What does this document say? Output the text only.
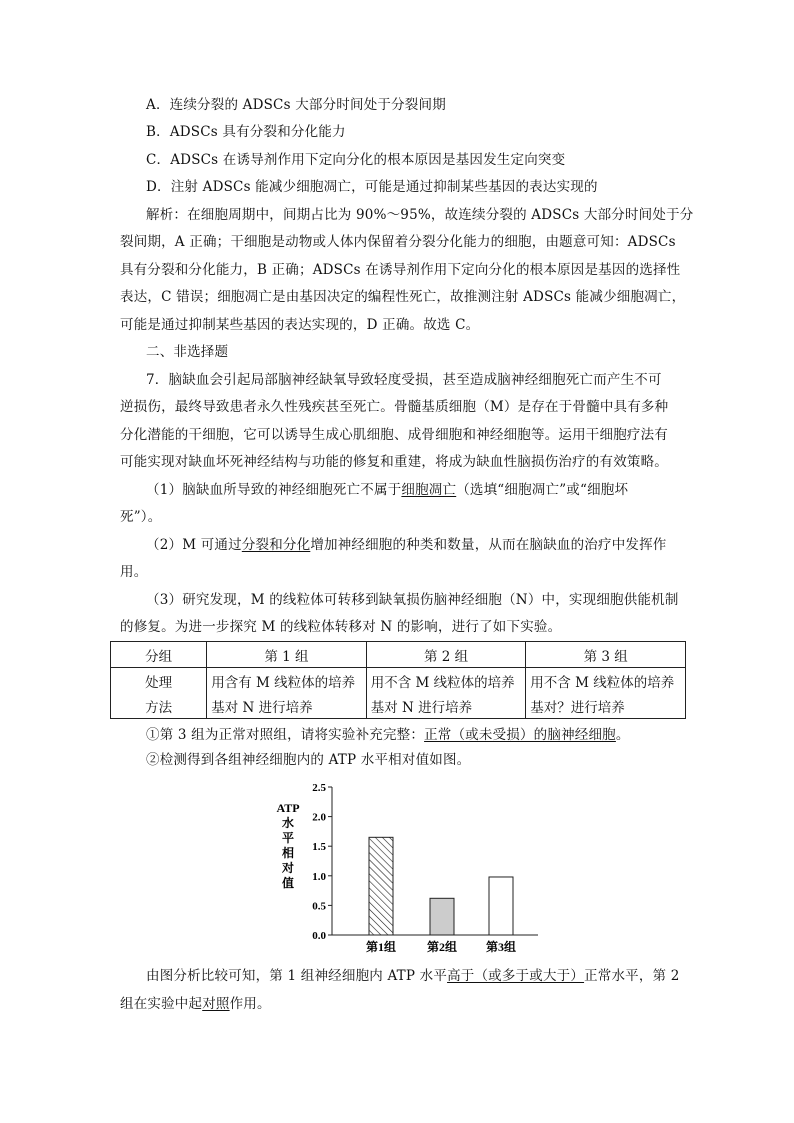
A．连续分裂的 ADSCs 大部分时间处于分裂间期
B．ADSCs 具有分裂和分化能力
C．ADSCs 在诱导剂作用下定向分化的根本原因是基因发生定向突变
D．注射 ADSCs 能减少细胞凋亡，可能是通过抑制某些基因的表达实现的
解析：在细胞周期中，间期占比为 90%～95%，故连续分裂的 ADSCs 大部分时间处于分
裂间期，A 正确；干细胞是动物或人体内保留着分裂分化能力的细胞，由题意可知：ADSCs
具有分裂和分化能力，B 正确；ADSCs 在诱导剂作用下定向分化的根本原因是基因的选择性
表达，C 错误；细胞凋亡是由基因决定的编程性死亡，故推测注射 ADSCs 能减少细胞凋亡，
可能是通过抑制某些基因的表达实现的，D 正确。故选 C。
二、非选择题
7．脑缺血会引起局部脑神经缺氧导致轻度受损，甚至造成脑神经细胞死亡而产生不可
逆损伤，最终导致患者永久性残疾甚至死亡。骨髓基质细胞（M）是存在于骨髓中具有多种
分化潜能的干细胞，它可以诱导生成心肌细胞、成骨细胞和神经细胞等。运用干细胞疗法有
可能实现对缺血坏死神经结构与功能的修复和重建，将成为缺血性脑损伤治疗的有效策略。
（1）脑缺血所导致的神经细胞死亡不属于细胞凋亡（选填“细胞凋亡”或“细胞坏
死”）。
（2）M 可通过分裂和分化增加神经细胞的种类和数量，从而在脑缺血的治疗中发挥作
用。
（3）研究发现，M 的线粒体可转移到缺氧损伤脑神经细胞（N）中，实现细胞供能机制
的修复。为进一步探究 M 的线粒体转移对 N 的影响，进行了如下实验。
分组	第 1 组	第 2 组	第 3 组
处理	用含有 M 线粒体的培养	用不含 M 线粒体的培养	用不含 M 线粒体的培养
方法	基对 N 进行培养	基对 N 进行培养	基对？进行培养
①第 3 组为正常对照组，请将实验补充完整：正常（或未受损）的脑神经细胞。
②检测得到各组神经细胞内的 ATP 水平相对值如图。
ATP
水
平
相
对
值
0.0
0.5
1.0
1.5
2.0
2.5
第1组	第2组 第3组
由图分析比较可知，第 1 组神经细胞内 ATP 水平高于（或多于或大于）正常水平，第 2
组在实验中起对照作用。
